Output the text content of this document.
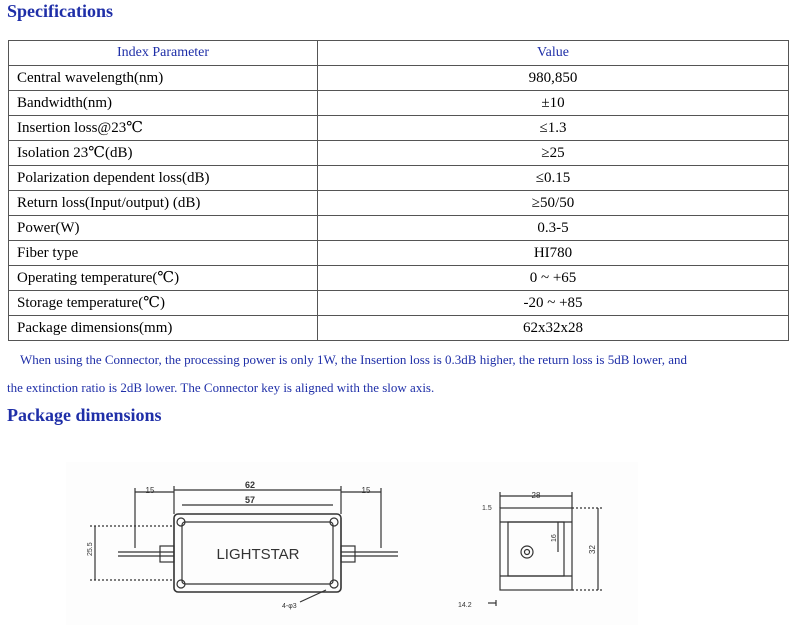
Specifications
Index Parameter	Value
Central wavelength(nm)	980,850
Bandwidth(nm)	±10
Insertion loss@23℃	≤1.3
Isolation 23℃(dB)	≥25
Polarization dependent loss(dB)	≤0.15
Return loss(Input/output) (dB)	≥50/50
Power(W)	0.3-5
Fiber type	HI780
Operating temperature(℃)	0 ~ +65
Storage temperature(℃)	-20 ~ +85
Package dimensions(mm)	62x32x28

When using the Connector, the processing power is only 1W, the Insertion loss is 0.3dB higher, the return loss is 5dB lower, and

the extinction ratio is 2dB lower. The Connector key is aligned with the slow axis.

Package dimensions
LIGHTSTAR
62
57
15	15
25.5
4-φ3
28
1.5
16
32
14.2
